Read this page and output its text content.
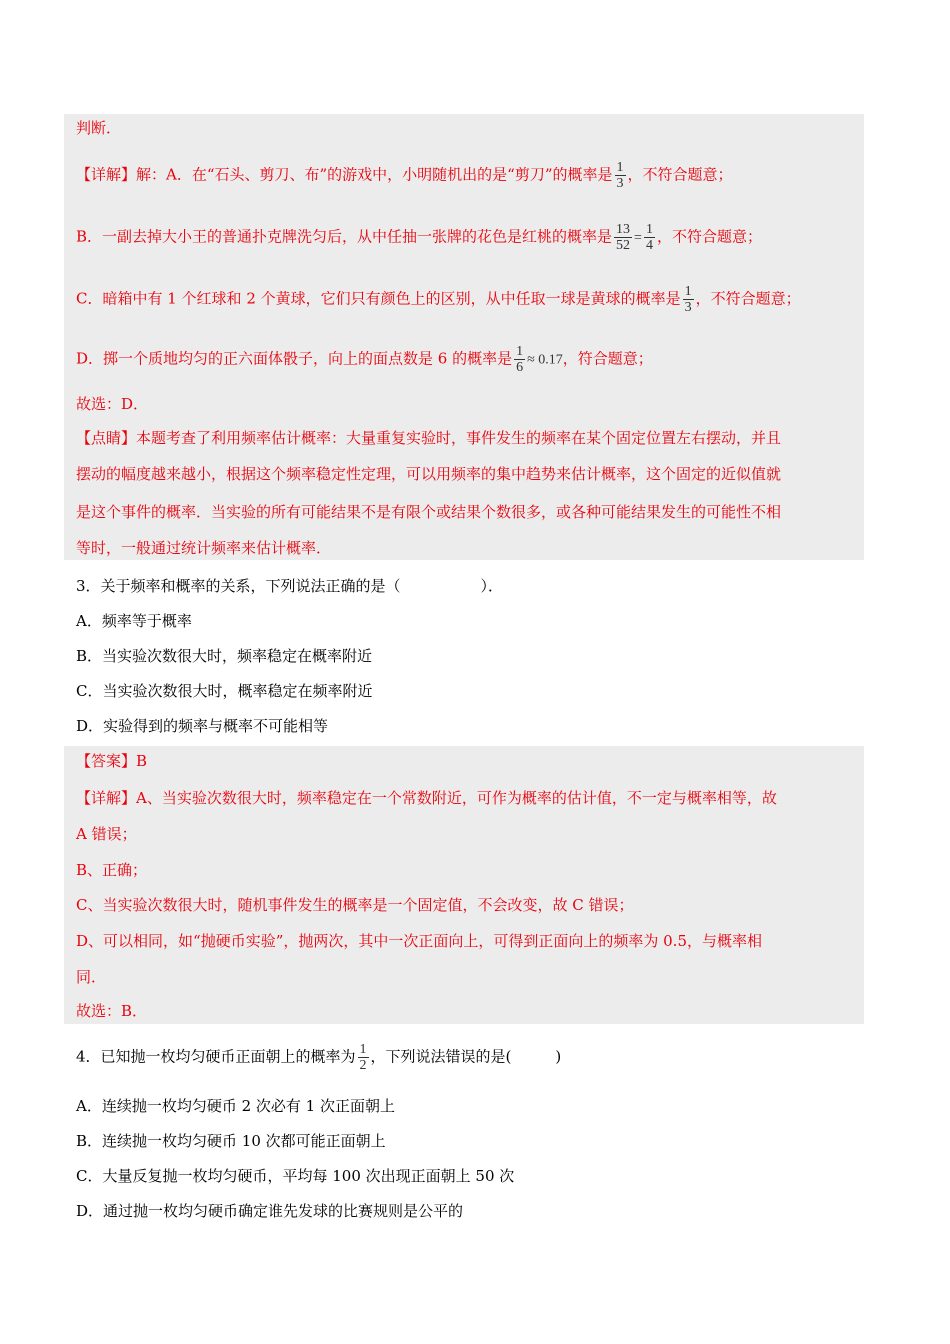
判断．
【详解】解：A．在“石头、剪刀、布”的游戏中，小明随机出的是“剪刀”的概率是 $\frac{1}{3}$ ，不符合题意；
B．一副去掉大小王的普通扑克牌洗匀后，从中任抽一张牌的花色是红桃的概率是 $\frac{13}{52} = \frac{1}{4}$ ，不符合题意；
C．暗箱中有 1 个红球和 2 个黄球，它们只有颜色上的区别，从中任取一球是黄球的概率是 $\frac{1}{3}$ ，不符合题意；
D．掷一个质地均匀的正六面体骰子，向上的面点数是 6 的概率是 $\frac{1}{6} \approx 0.17$，符合题意；
故选：D．
【点睛】本题考查了利用频率估计概率：大量重复实验时，事件发生的频率在某个固定位置左右摆动，并且
摆动的幅度越来越小，根据这个频率稳定性定理，可以用频率的集中趋势来估计概率，这个固定的近似值就
是这个事件的概率．当实验的所有可能结果不是有限个或结果个数很多，或各种可能结果发生的可能性不相
等时，一般通过统计频率来估计概率．
3．关于频率和概率的关系，下列说法正确的是（	）．
A．频率等于概率
B．当实验次数很大时，频率稳定在概率附近
C．当实验次数很大时，概率稳定在频率附近
D．实验得到的频率与概率不可能相等
【答案】B
【详解】A、当实验次数很大时，频率稳定在一个常数附近，可作为概率的估计值，不一定与概率相等，故
A 错误；
B、正确；
C、当实验次数很大时，随机事件发生的概率是一个固定值，不会改变，故 C 错误；
D、可以相同，如“抛硬币实验”，抛两次，其中一次正面向上，可得到正面向上的频率为 0.5，与概率相
同．
故选：B．
4．已知抛一枚均匀硬币正面朝上的概率为 $\frac{1}{2}$ ，下列说法错误的是(	)
A．连续抛一枚均匀硬币 2 次必有 1 次正面朝上
B．连续抛一枚均匀硬币 10 次都可能正面朝上
C．大量反复抛一枚均匀硬币，平均每 100 次出现正面朝上 50 次
D．通过抛一枚均匀硬币确定谁先发球的比赛规则是公平的
